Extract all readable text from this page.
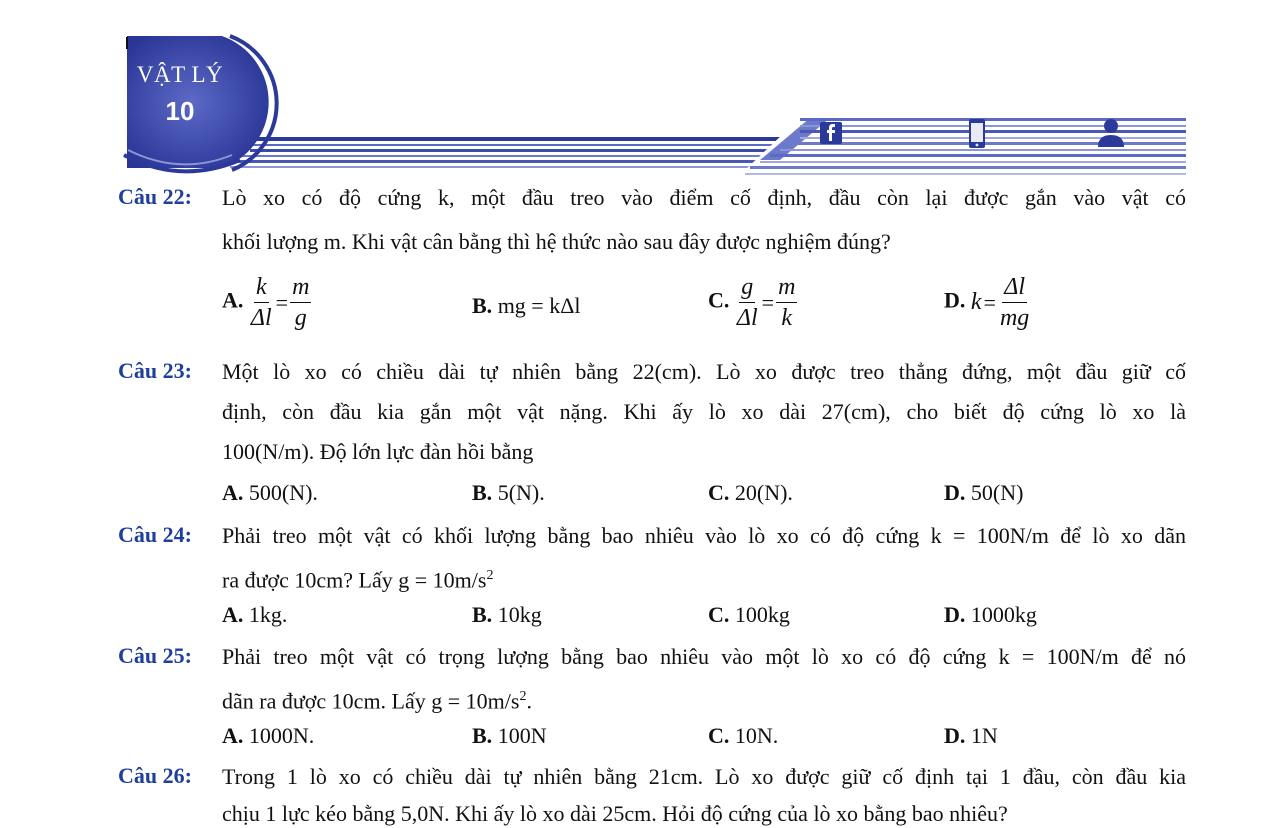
VẬT LÝ
10
Câu 22: Lò xo có độ cứng k, một đầu treo vào điểm cố định, đầu còn lại được gắn vào vật có
khối lượng m. Khi vật cân bằng thì hệ thức nào sau đây được nghiệm đúng?
A. $\frac{k}{\Delta l} = \frac{m}{g}$	B. mg = kΔl	C. $\frac{g}{\Delta l} = \frac{m}{k}$	D. $k= \frac{\Delta l}{mg}$
Câu 23: Một lò xo có chiều dài tự nhiên bằng 22(cm). Lò xo được treo thẳng đứng, một đầu giữ cố
định, còn đầu kia gắn một vật nặng. Khi ấy lò xo dài 27(cm), cho biết độ cứng lò xo là
100(N/m). Độ lớn lực đàn hồi bằng
A. 500(N).	B. 5(N).	C. 20(N).	D. 50(N)
Câu 24: Phải treo một vật có khối lượng bằng bao nhiêu vào lò xo có độ cứng k = 100N/m để lò xo dãn
ra được 10cm? Lấy $g = 10m/s^2$
A. 1kg.	B. 10kg	C. 100kg	D. 1000kg
Câu 25: Phải treo một vật có trọng lượng bằng bao nhiêu vào một lò xo có độ cứng k = 100N/m để nó
dãn ra được 10cm. Lấy $g = 10m/s^2$.
A. 1000N.	B. 100N	C. 10N.	D. 1N
Câu 26: Trong 1 lò xo có chiều dài tự nhiên bằng 21cm. Lò xo được giữ cố định tại 1 đầu, còn đầu kia
chịu 1 lực kéo bằng 5,0N. Khi ấy lò xo dài 25cm. Hỏi độ cứng của lò xo bằng bao nhiêu?
